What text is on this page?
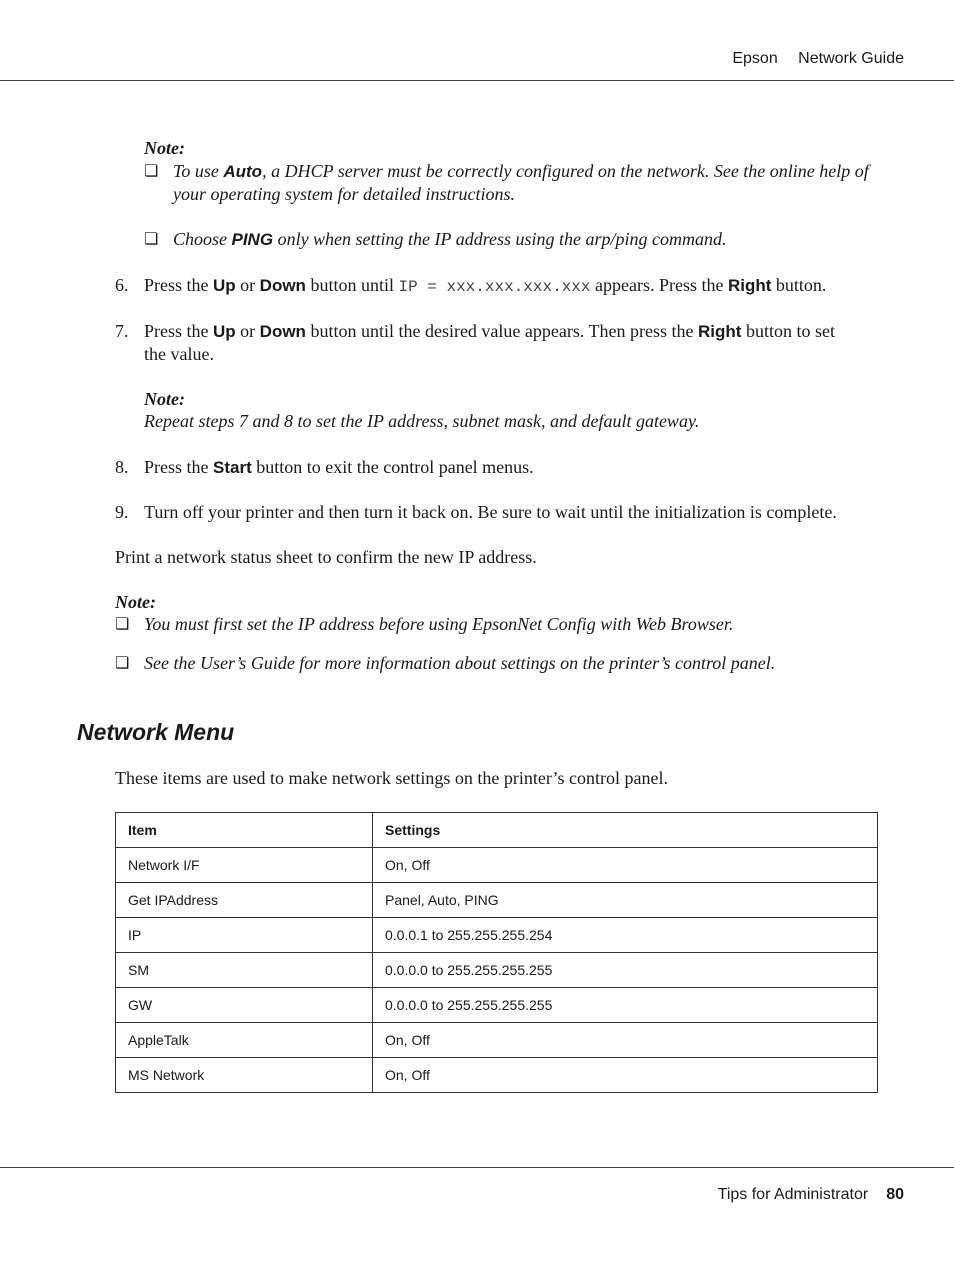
Epson Network Guide
Note:
❏ To use Auto, a DHCP server must be correctly configured on the network. See the online help of
your operating system for detailed instructions.
❏ Choose PING only when setting the IP address using the arp/ping command.
6. Press the Up or Down button until IP = xxx.xxx.xxx.xxx appears. Press the Right button.
7. Press the Up or Down button until the desired value appears. Then press the Right button to set
the value.
Note:
Repeat steps 7 and 8 to set the IP address, subnet mask, and default gateway.
8. Press the Start button to exit the control panel menus.
9. Turn off your printer and then turn it back on. Be sure to wait until the initialization is complete.
Print a network status sheet to confirm the new IP address.
Note:
❏ You must first set the IP address before using EpsonNet Config with Web Browser.
❏ See the User’s Guide for more information about settings on the printer’s control panel.
Network Menu
These items are used to make network settings on the printer’s control panel.
Item	Settings
Network I/F	On, Off
Get IPAddress	Panel, Auto, PING
IP	0.0.0.1 to 255.255.255.254
SM	0.0.0.0 to 255.255.255.255
GW	0.0.0.0 to 255.255.255.255
AppleTalk	On, Off
MS Network	On, Off
Tips for Administrator 80
